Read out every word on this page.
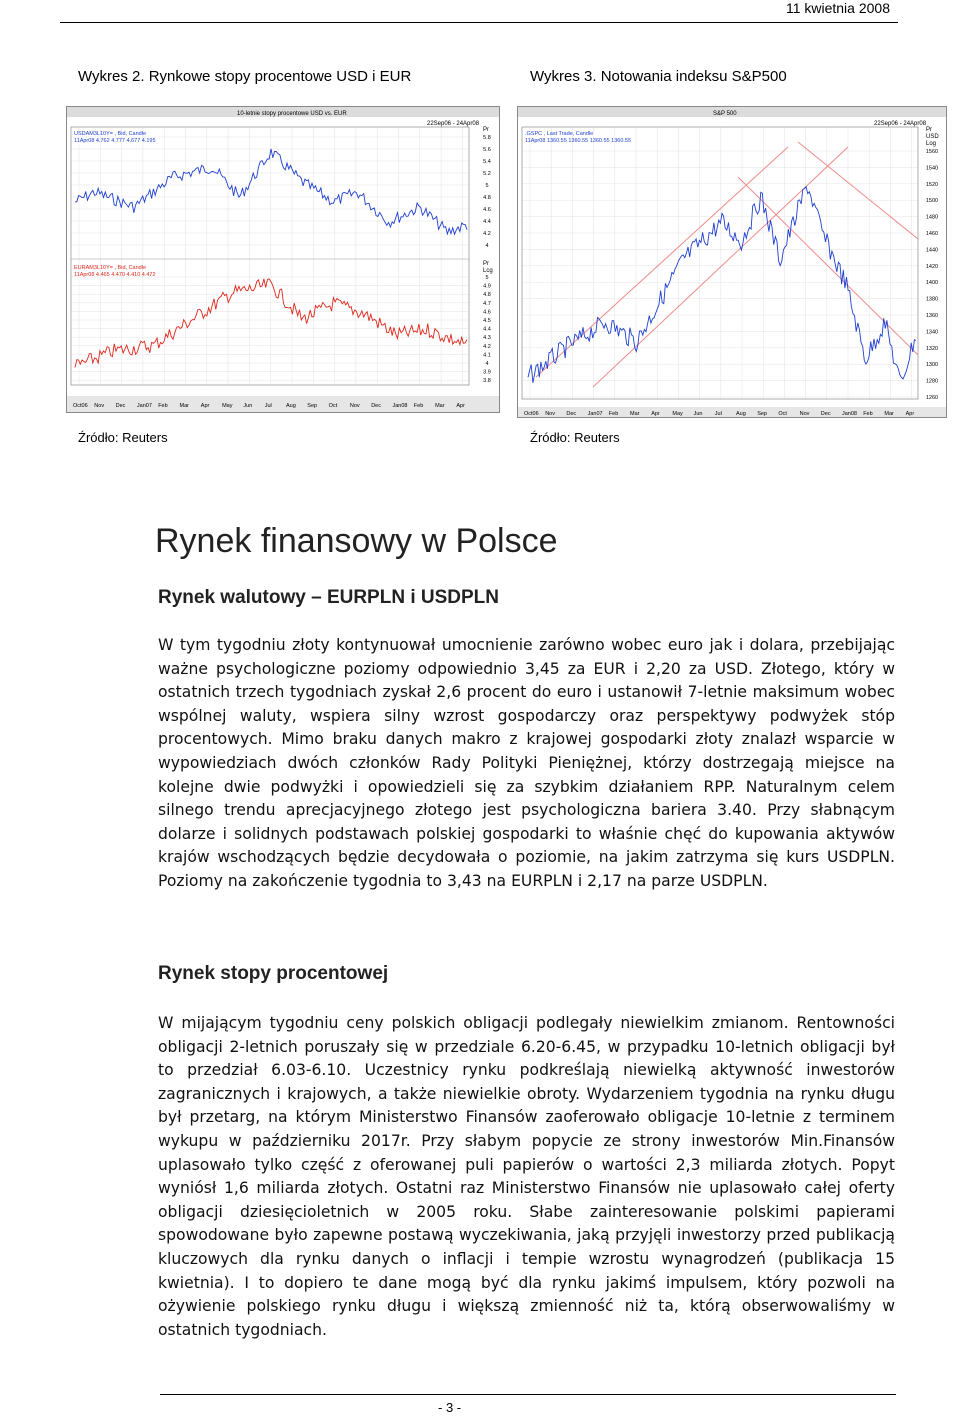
11 kwietnia 2008
Wykres 2. Rynkowe stopy procentowe USD i EUR	Wykres 3. Notowania indeksu S&P500
10-letnie stopy procentowe USD vs. EUR
22Sep06 - 24Apr08
USDAM3L10Y= , Bid, Candle
11Apr08 4.762 4.777 4.677 4.195
EURAM3L10Y= , Bid, Candle
11Apr08 4.465 4.470 4.410 4.472
5.8
5.6
5.4
5.2
5
4.8
4.6
4.4
4.2
4
5
4.9
4.8
4.7
4.6
4.5
4.4
4.3
4.2
4.1
4
3.9
3.8
Pr
Pr
Lcg
Oct06 Nov Dec Jan07 Feb Mar Apr May Jun Jul	Aug Sep Oct Nov Dec Jan08 Feb Mar Apr
S&P 500
22Sep06 - 24Apr08
.GSPC , Last Trade, Candle
11Apr08 1360.55 1360.55 1360.55 1360.55
1560
1540
1520
1500
1480
1460
1440
1420
1400
1380
1360
1340
1320
1300
1280
1260
Pr
USD
Log
Oct06 Nov Dec Jan07 Feb Mar Apr May Jun Jul	Aug Sep Oct Nov Dec Jan08 Feb Mar Apr
Źródło: Reuters	Źródło: Reuters
Rynek finansowy w Polsce
Rynek walutowy – EURPLN i USDPLN

W tym tygodniu złoty kontynuował umocnienie zarówno wobec euro jak i dolara, przebijając ważne psychologiczne poziomy odpowiednio 3,45 za EUR i 2,20 za USD. Złotego, który w ostatnich trzech tygodniach zyskał 2,6 procent do euro i ustanowił 7-letnie maksimum wobec wspólnej waluty, wspiera silny wzrost gospodarczy oraz perspektywy podwyżek stóp procentowych. Mimo braku danych makro z krajowej gospodarki złoty znalazł wsparcie w wypowiedziach dwóch członków Rady Polityki Pieniężnej, którzy dostrzegają miejsce na kolejne dwie podwyżki i opowiedzieli się za szybkim działaniem RPP. Naturalnym celem silnego trendu aprecjacyjnego złotego jest psychologiczna bariera 3.40. Przy słabnącym dolarze i solidnych podstawach polskiej gospodarki to właśnie chęć do kupowania aktywów krajów wschodzących będzie decydowała o poziomie, na jakim zatrzyma się kurs USDPLN. Poziomy na zakończenie tygodnia to 3,43 na EURPLN i 2,17 na parze USDPLN.

Rynek stopy procentowej

W mijającym tygodniu ceny polskich obligacji podlegały niewielkim zmianom. Rentowności obligacji 2-letnich poruszały się w przedziale 6.20-6.45, w przypadku 10-letnich obligacji był to przedział 6.03-6.10. Uczestnicy rynku podkreślają niewielką aktywność inwestorów zagranicznych i krajowych, a także niewielkie obroty. Wydarzeniem tygodnia na rynku długu był przetarg, na którym Ministerstwo Finansów zaoferowało obligacje 10-letnie z terminem wykupu w październiku 2017r. Przy słabym popycie ze strony inwestorów Min.Finansów uplasowało tylko część z oferowanej puli papierów o wartości 2,3 miliarda złotych. Popyt wyniósł 1,6 miliarda złotych. Ostatni raz Ministerstwo Finansów nie uplasowało całej oferty obligacji dziesięcioletnich w 2005 roku. Słabe zainteresowanie polskimi papierami spowodowane było zapewne postawą wyczekiwania, jaką przyjęli inwestorzy przed publikacją kluczowych dla rynku danych o inflacji i tempie wzrostu wynagrodzeń (publikacja 15 kwietnia). I to dopiero te dane mogą być dla rynku jakimś impulsem, który pozwoli na ożywienie polskiego rynku długu i większą zmienność niż ta, którą obserwowaliśmy w ostatnich tygodniach.

- 3 -
